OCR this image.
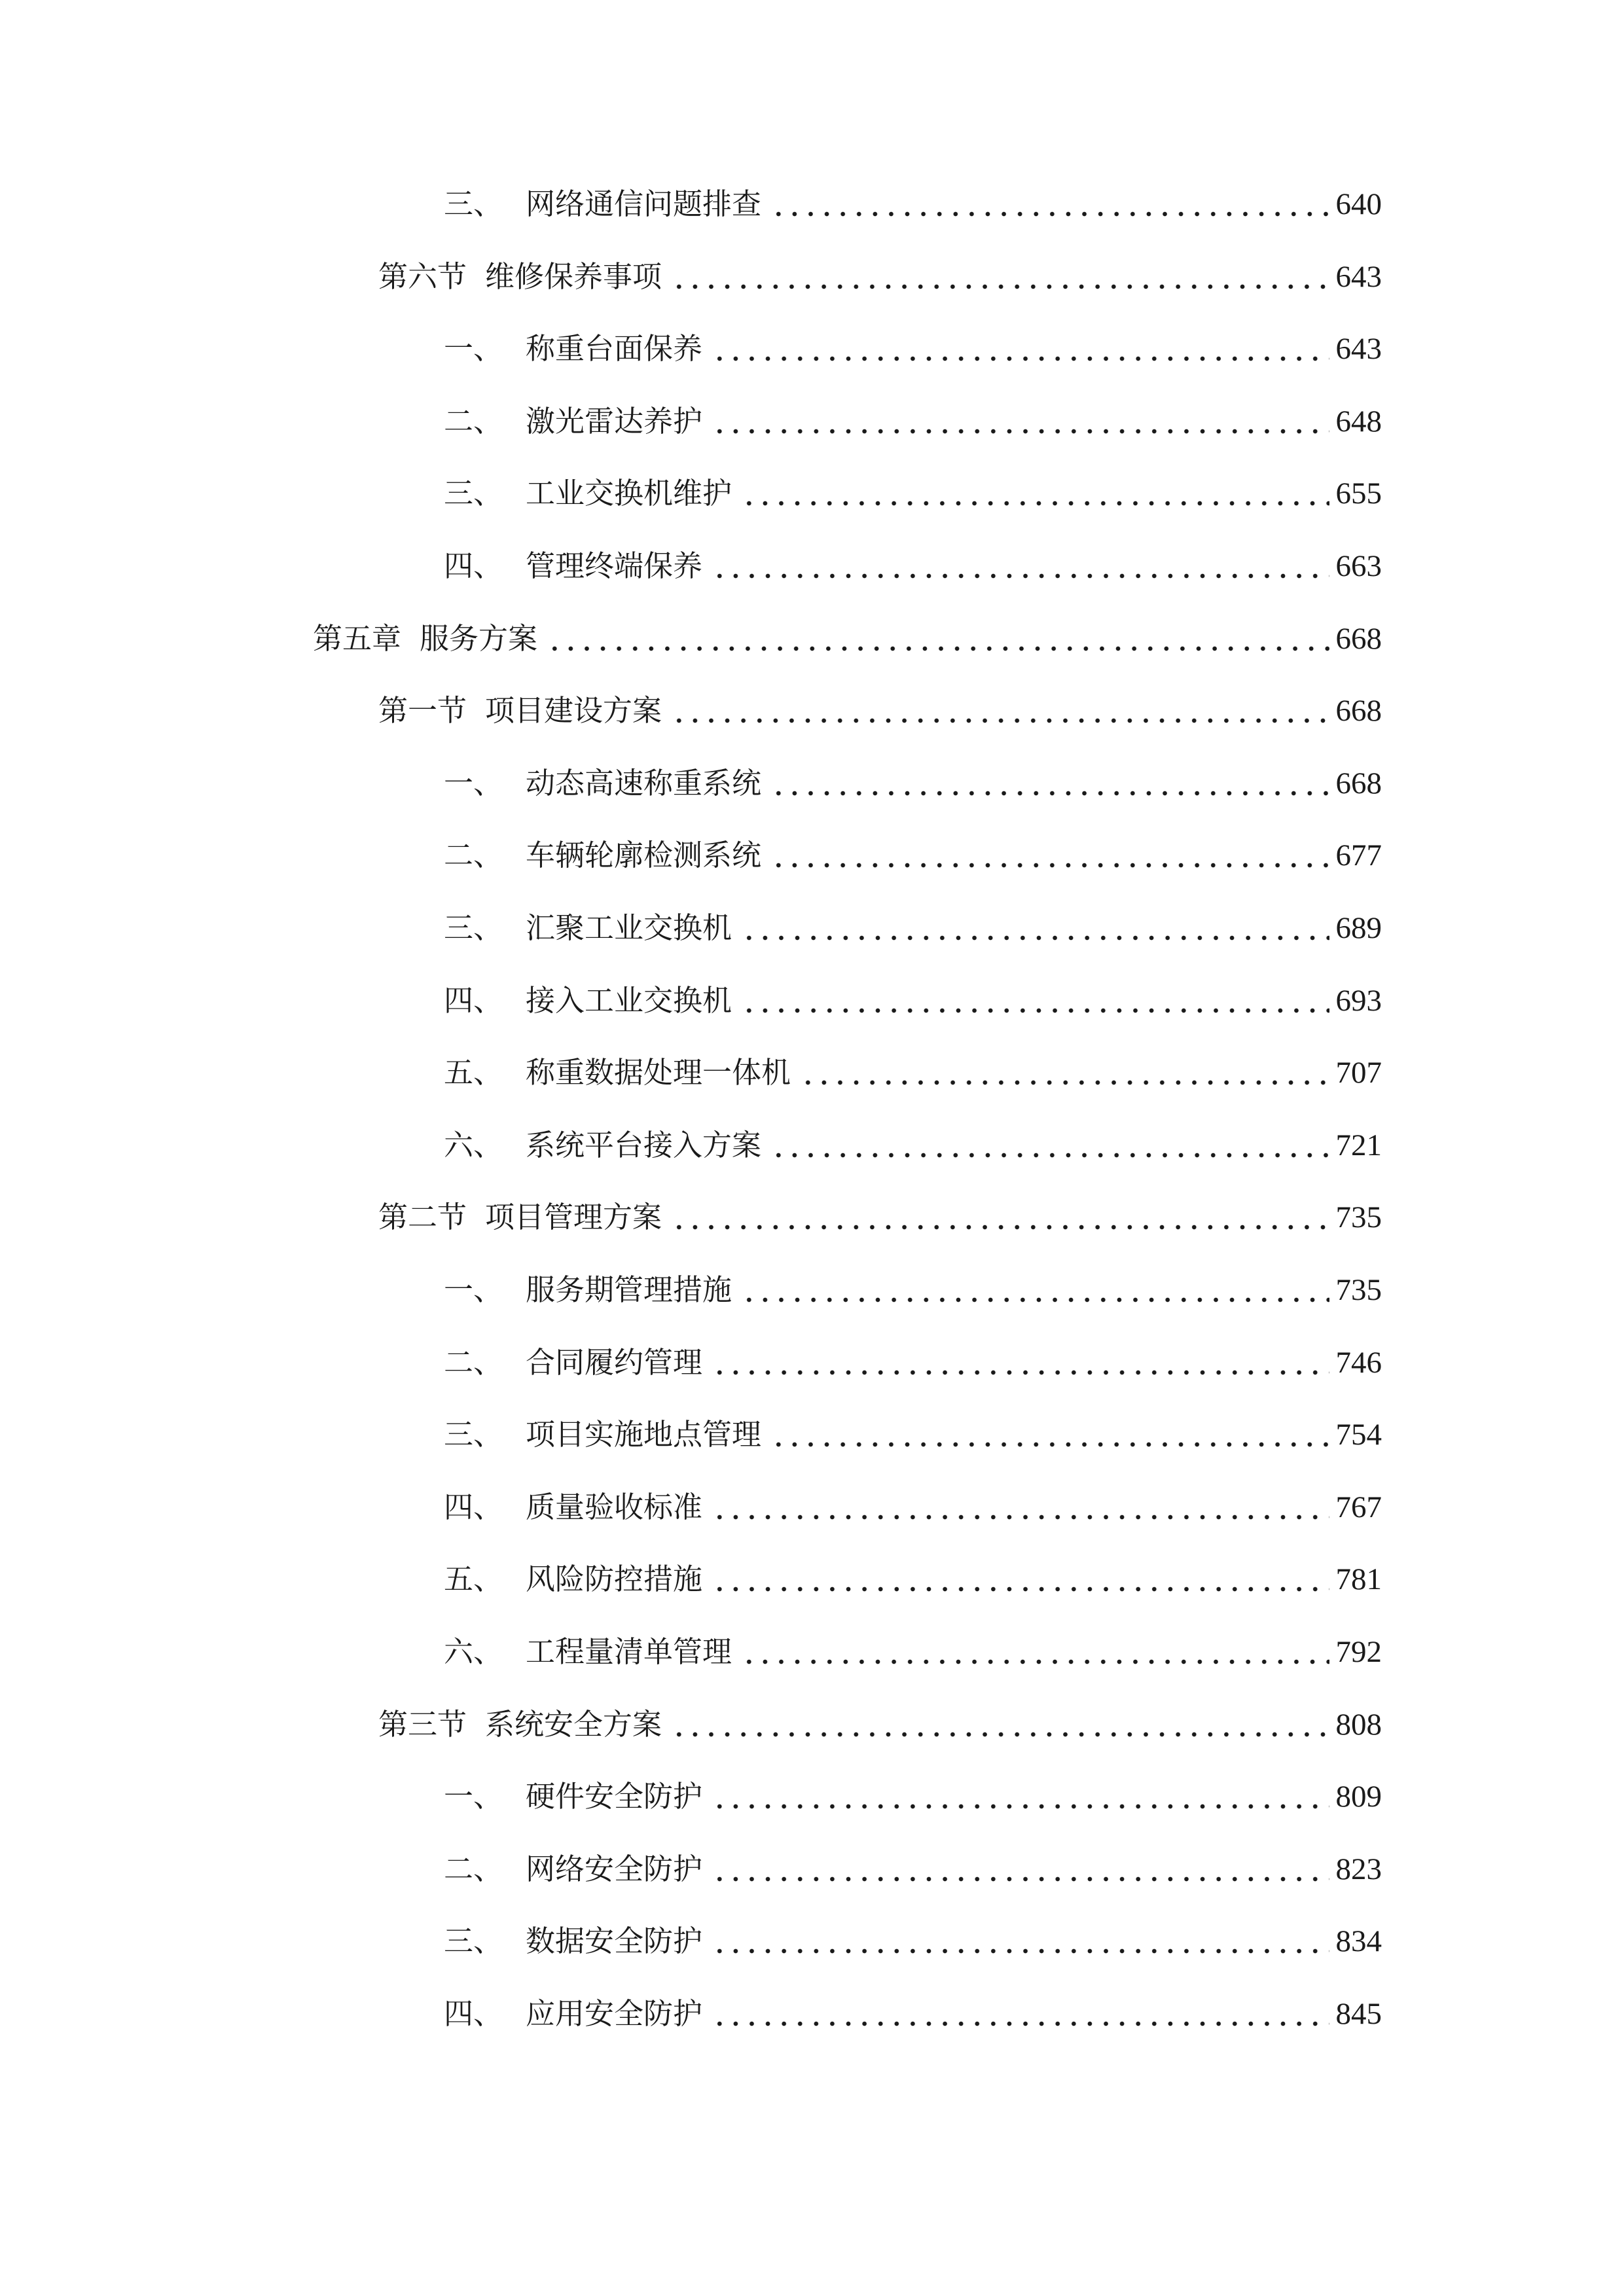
三、 网络通信问题排查	640
第六节 维修保养事项	643
一、 称重台面保养	643
二、 激光雷达养护	648
三、 工业交换机维护	655
四、 管理终端保养	663
第五章 服务方案	668
第一节 项目建设方案	668
一、 动态高速称重系统	668
二、 车辆轮廓检测系统	677
三、 汇聚工业交换机	689
四、 接入工业交换机	693
五、 称重数据处理一体机	707
六、 系统平台接入方案	721
第二节 项目管理方案	735
一、 服务期管理措施	735
二、 合同履约管理	746
三、 项目实施地点管理	754
四、 质量验收标准	767
五、 风险防控措施	781
六、 工程量清单管理	792
第三节 系统安全方案	808
一、 硬件安全防护	809
二、 网络安全防护	823
三、 数据安全防护	834
四、 应用安全防护	845
